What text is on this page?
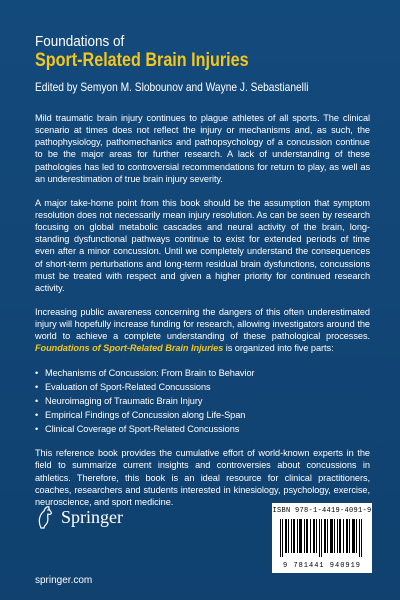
Foundations of
Sport-Related Brain Injuries
Edited by Semyon M. Slobounov and Wayne J. Sebastianelli

Mild traumatic brain injury continues to plague athletes of all sports. The clinical scenario at times does not reflect the injury or mechanisms and, as such, the pathophysiology, pathomechanics and pathopsychology of a concussion continue to be the major areas for further research. A lack of understanding of these pathologies has led to controversial recommendations for return to play, as well as an underestimation of true brain injury severity.

A major take-home point from this book should be the assumption that symptom resolution does not necessarily mean injury resolution. As can be seen by research focusing on global metabolic cascades and neural activity of the brain, long-standing dysfunctional pathways continue to exist for extended periods of time even after a minor concussion. Until we completely understand the consequences of short-term perturbations and long-term residual brain dysfunctions, concussions must be treated with respect and given a higher priority for continued research activity.

Increasing public awareness concerning the dangers of this often underestimated injury will hopefully increase funding for research, allowing investigators around the world to achieve a complete understanding of these pathological processes. Foundations of Sport-Related Brain Injuries is organized into five parts:

• Mechanisms of Concussion: From Brain to Behavior
• Evaluation of Sport-Related Concussions
• Neuroimaging of Traumatic Brain Injury
• Empirical Findings of Concussion along Life-Span
• Clinical Coverage of Sport-Related Concussions

This reference book provides the cumulative effort of world-known experts in the field to summarize current insights and controversies about concussions in athletics. Therefore, this book is an ideal resource for clinical practitioners, coaches, researchers and students interested in kinesiology, psychology, exercise, neuroscience, and sport medicine.

Springer
springer.com
ISBN 978-1-4419-4091-9
9 781441 940919
